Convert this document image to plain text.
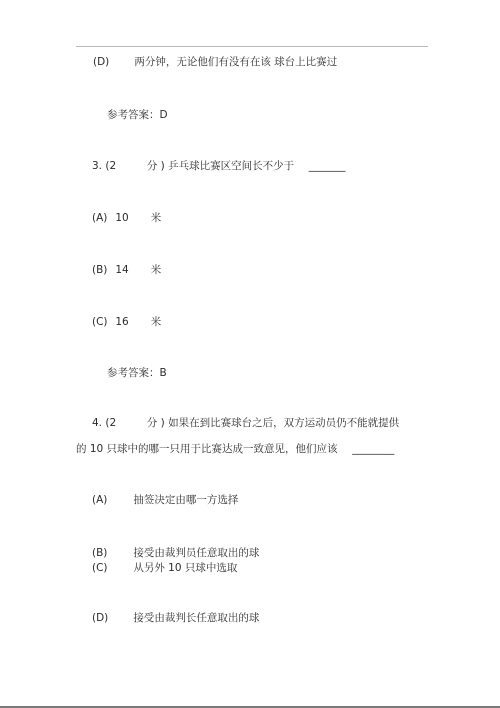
(D) 两分钟，无论他们有没有在该 球台上比赛过
参考答案：D
3. (2	分 ) 乒乓球比赛区空间长不少于 _______
(A) 10 米
(B) 14 米
(C) 16 米
参考答案：B
4. (2	分 ) 如果在到比赛球台之后，双方运动员仍不能就提供
的 10 只球中的哪一只用于比赛达成一致意见，他们应该 ________
(A) 抽签决定由哪一方选择
(B) 接受由裁判员任意取出的球
(C) 从另外 10 只球中选取
(D) 接受由裁判长任意取出的球
